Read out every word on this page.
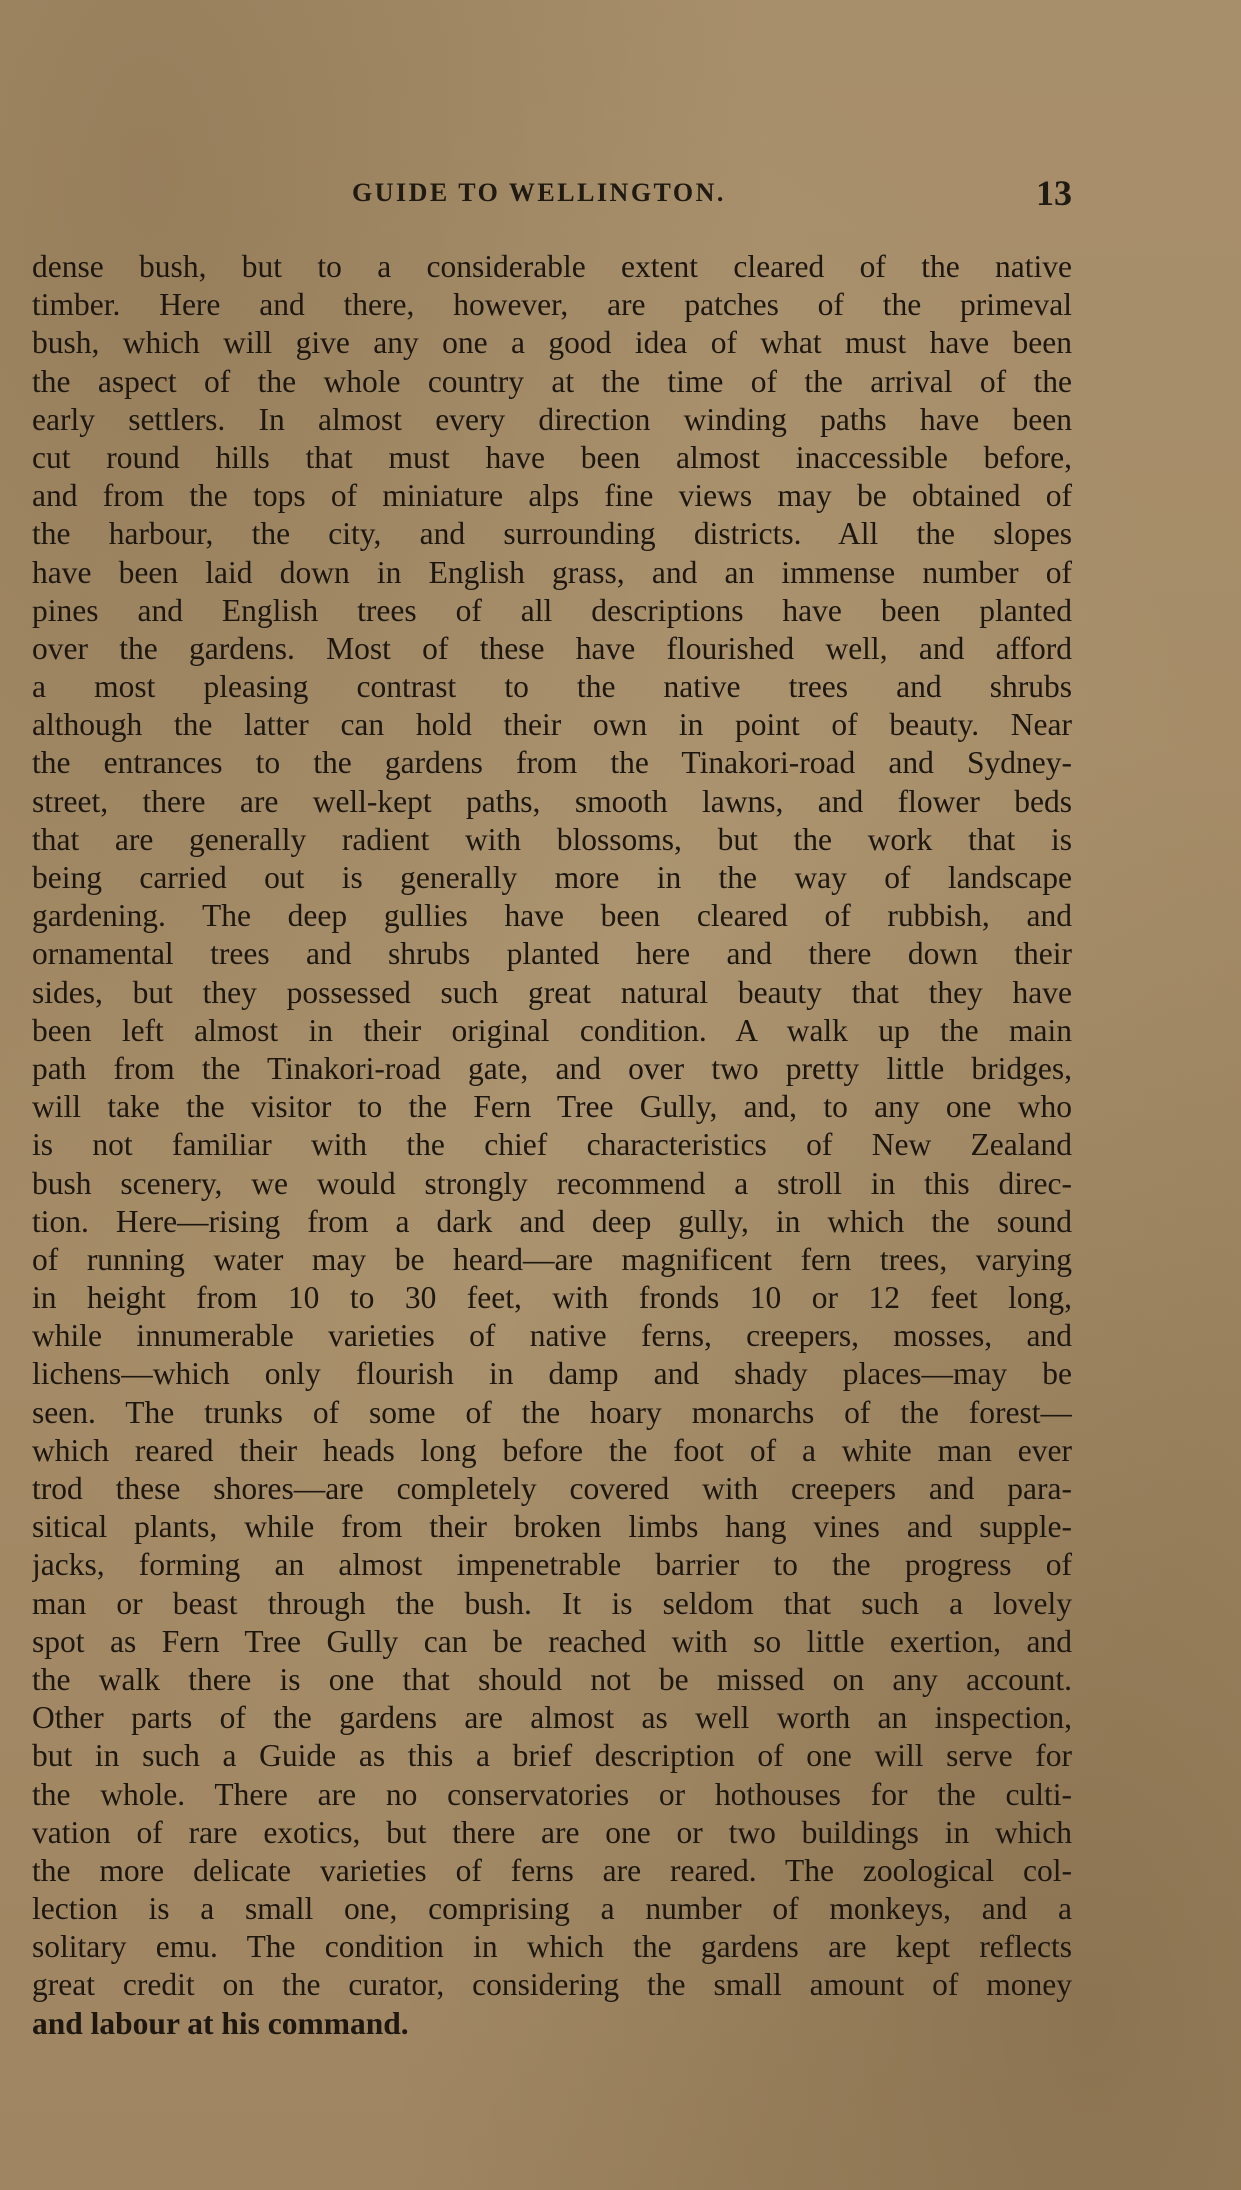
GUIDE TO WELLINGTON.	13
dense bush, but to a considerable extent cleared of the native
timber. Here and there, however, are patches of the primeval
bush, which will give any one a good idea of what must have been
the aspect of the whole country at the time of the arrival of the
early settlers. In almost every direction winding paths have been
cut round hills that must have been almost inaccessible before,
and from the tops of miniature alps fine views may be obtained of
the harbour, the city, and surrounding districts. All the slopes
have been laid down in English grass, and an immense number of
pines and English trees of all descriptions have been planted
over the gardens. Most of these have flourished well, and afford
a most pleasing contrast to the native trees and shrubs
although the latter can hold their own in point of beauty. Near
the entrances to the gardens from the Tinakori-road and Sydney-
street, there are well-kept paths, smooth lawns, and flower beds
that are generally radient with blossoms, but the work that is
being carried out is generally more in the way of landscape
gardening. The deep gullies have been cleared of rubbish, and
ornamental trees and shrubs planted here and there down their
sides, but they possessed such great natural beauty that they have
been left almost in their original condition. A walk up the main
path from the Tinakori-road gate, and over two pretty little bridges,
will take the visitor to the Fern Tree Gully, and, to any one who
is not familiar with the chief characteristics of New Zealand
bush scenery, we would strongly recommend a stroll in this direc-
tion. Here—rising from a dark and deep gully, in which the sound
of running water may be heard—are magnificent fern trees, varying
in height from 10 to 30 feet, with fronds 10 or 12 feet long,
while innumerable varieties of native ferns, creepers, mosses, and
lichens—which only flourish in damp and shady places—may be
seen. The trunks of some of the hoary monarchs of the forest—
which reared their heads long before the foot of a white man ever
trod these shores—are completely covered with creepers and para-
sitical plants, while from their broken limbs hang vines and supple-
jacks, forming an almost impenetrable barrier to the progress of
man or beast through the bush. It is seldom that such a lovely
spot as Fern Tree Gully can be reached with so little exertion, and
the walk there is one that should not be missed on any account.
Other parts of the gardens are almost as well worth an inspection,
but in such a Guide as this a brief description of one will serve for
the whole. There are no conservatories or hothouses for the culti-
vation of rare exotics, but there are one or two buildings in which
the more delicate varieties of ferns are reared. The zoological col-
lection is a small one, comprising a number of monkeys, and a
solitary emu. The condition in which the gardens are kept reflects
great credit on the curator, considering the small amount of money
and labour at his command.
